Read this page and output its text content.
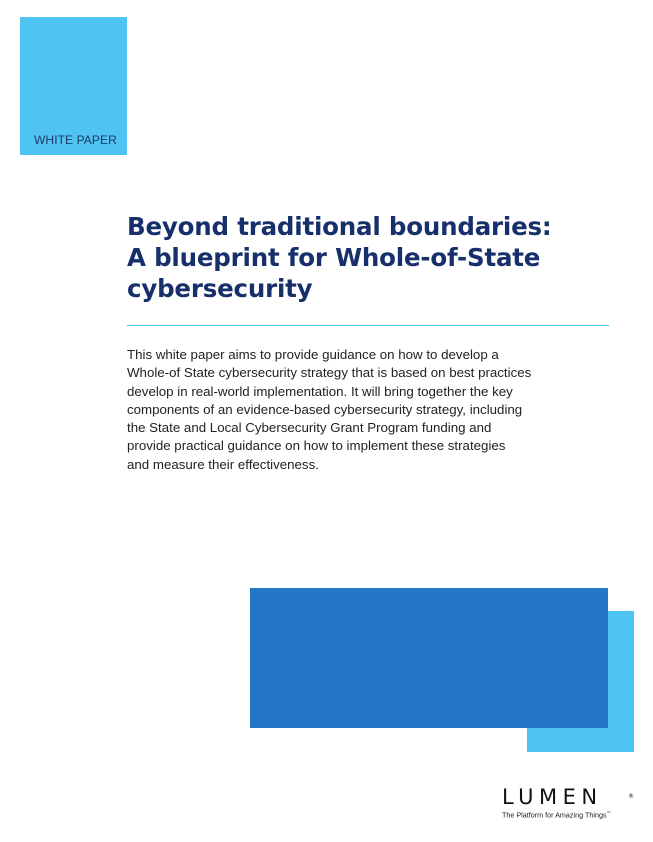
WHITE PAPER
Beyond traditional boundaries:
A blueprint for Whole-of-State
cybersecurity

This white paper aims to provide guidance on how to develop a
Whole-of State cybersecurity strategy that is based on best practices
develop in real-world implementation. It will bring together the key
components of an evidence-based cybersecurity strategy, including
the State and Local Cybersecurity Grant Program funding and
provide practical guidance on how to implement these strategies
and measure their effectiveness.

LUMEN	®
The Platform for Amazing Things™
